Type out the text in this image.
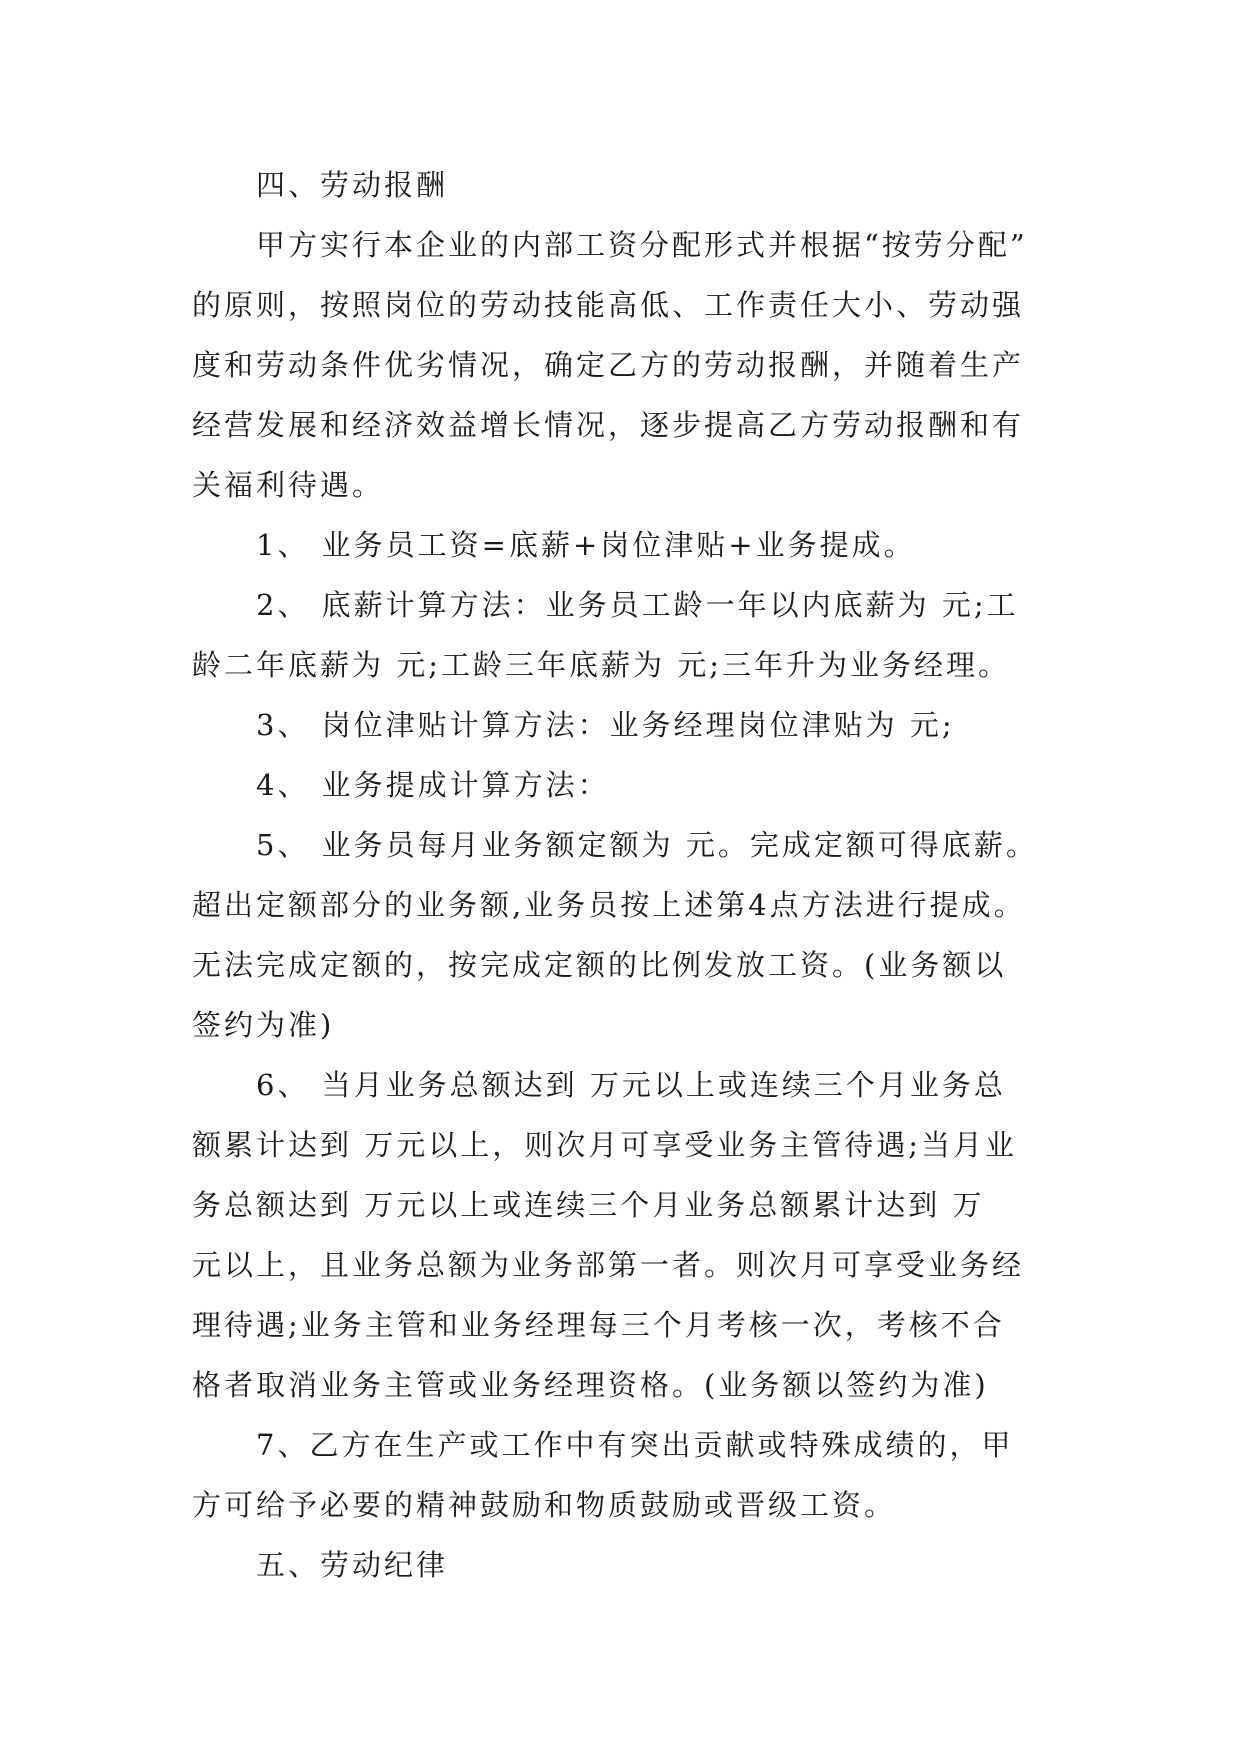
四、劳动报酬

甲方实行本企业的内部工资分配形式并根据“按劳分配”
的原则，按照岗位的劳动技能高低、工作责任大小、劳动强
度和劳动条件优劣情况，确定乙方的劳动报酬，并随着生产
经营发展和经济效益增长情况，逐步提高乙方劳动报酬和有
关福利待遇。

1、 业务员工资=底薪+岗位津贴+业务提成。

2、 底薪计算方法：业务员工龄一年以内底薪为 元;工
龄二年底薪为 元;工龄三年底薪为 元;三年升为业务经理。

3、 岗位津贴计算方法：业务经理岗位津贴为 元;

4、 业务提成计算方法：

5、 业务员每月业务额定额为 元。完成定额可得底薪。
超出定额部分的业务额,业务员按上述第4点方法进行提成。
无法完成定额的，按完成定额的比例发放工资。(业务额以
签约为准)

6、 当月业务总额达到 万元以上或连续三个月业务总
额累计达到 万元以上，则次月可享受业务主管待遇;当月业
务总额达到 万元以上或连续三个月业务总额累计达到 万
元以上，且业务总额为业务部第一者。则次月可享受业务经
理待遇;业务主管和业务经理每三个月考核一次，考核不合
格者取消业务主管或业务经理资格。(业务额以签约为准)

7、乙方在生产或工作中有突出贡献或特殊成绩的，甲
方可给予必要的精神鼓励和物质鼓励或晋级工资。

五、劳动纪律
